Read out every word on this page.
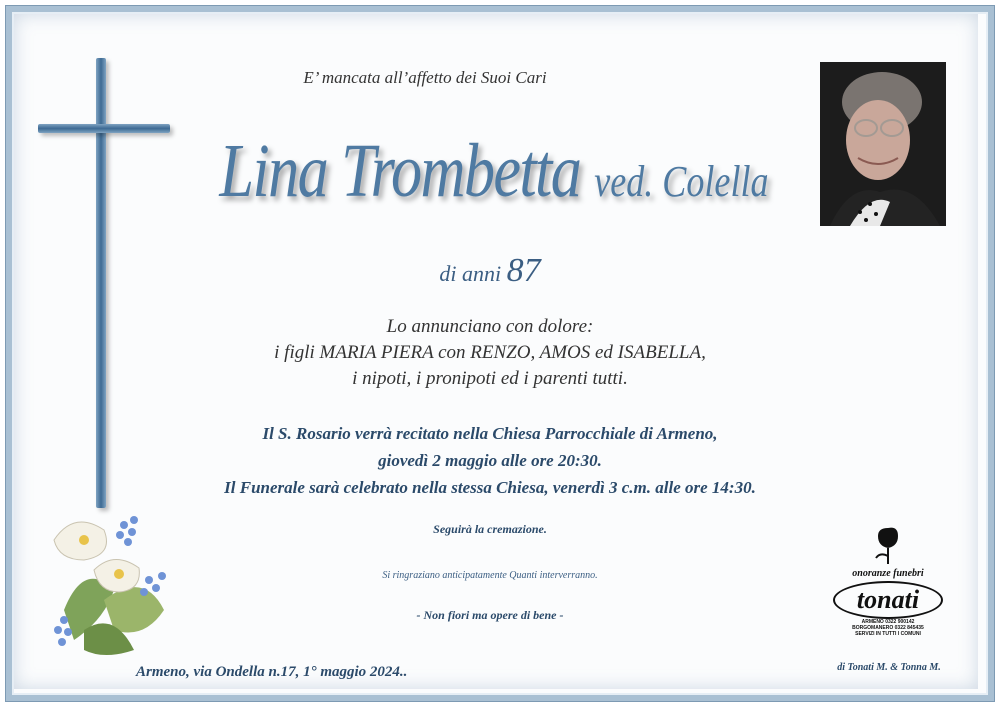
E’ mancata all’affetto dei Suoi Cari
Lina Trombetta ved. Colella
di anni 87
Lo annunciano con dolore:
i figli MARIA PIERA con RENZO, AMOS ed ISABELLA,
i nipoti, i pronipoti ed i parenti tutti.
Il S. Rosario verrà recitato nella Chiesa Parrocchiale di Armeno,
giovedì 2 maggio alle ore 20:30.
Il Funerale sarà celebrato nella stessa Chiesa, venerdì 3 c.m. alle ore 14:30.
Seguirà la cremazione.
Si ringraziano anticipatamente Quanti interverranno.
- Non fiori ma opere di bene -
Armeno, via Ondella n.17, 1° maggio 2024..
onoranze funebri
tonati
ARMENO 0322 900142
BORGOMANERO 0322 845435
SERVIZI IN TUTTI I COMUNI
di Tonati M. & Tonna M.
